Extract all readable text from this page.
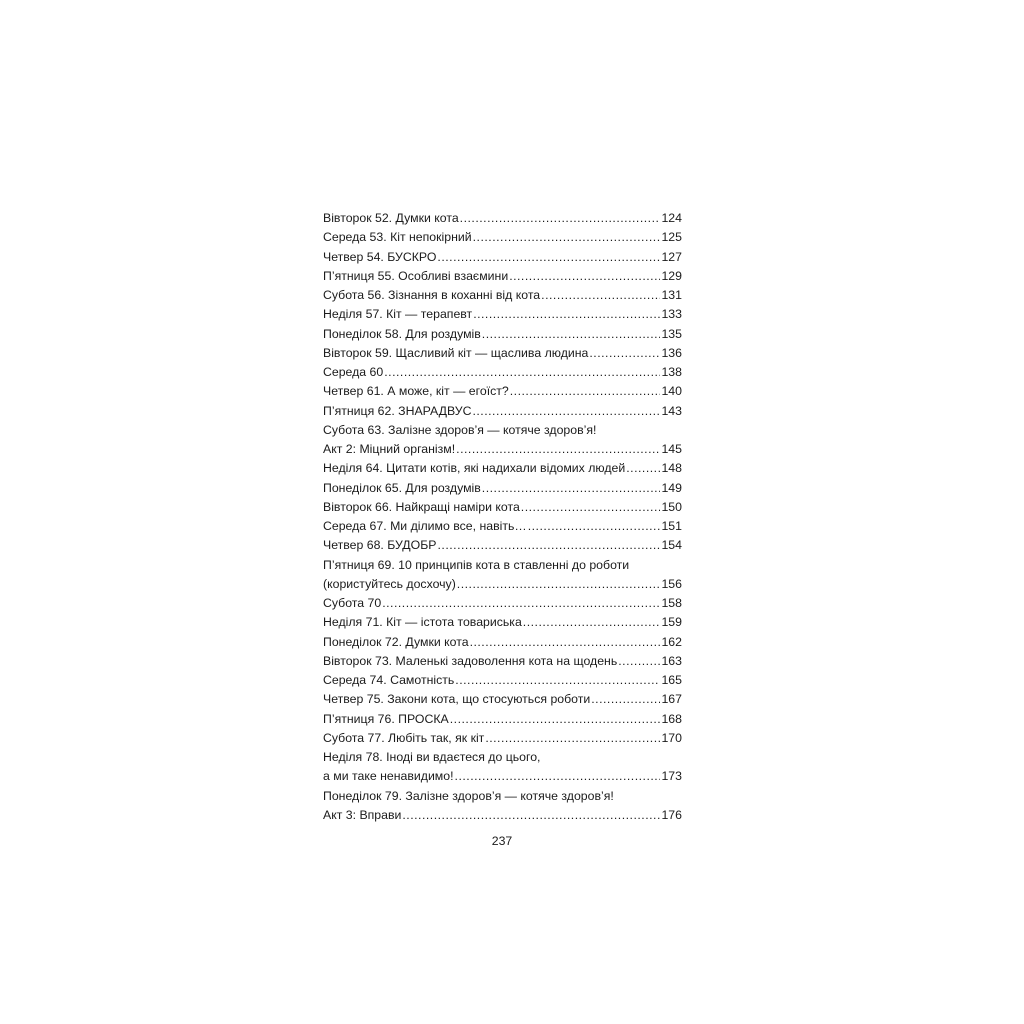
Вівторок 52. Думки кота .....	124
Середа 53. Кіт непокірний .....	125
Четвер 54. БУСКРО .....	127
П’ятниця 55. Особливі взаємини .....	129
Субота 56. Зізнання в коханні від кота .....	131
Неділя 57. Кіт — терапевт .....	133
Понеділок 58. Для роздумів .....	135
Вівторок 59. Щасливий кіт — щаслива людина .....	136
Середа 60 .....	138
Четвер 61. А може, кіт — егоїст? .....	140
П’ятниця 62. ЗНАРАДВУС .....	143
Субота 63. Залізне здоров’я — котяче здоров’я!
Акт 2: Міцний організм! .....	145
Неділя 64. Цитати котів, які надихали відомих людей .....	148
Понеділок 65. Для роздумів .....	149
Вівторок 66. Найкращі наміри кота .....	150
Середа 67. Ми ділимо все, навіть… .....	151
Четвер 68. БУДОБР .....	154
П’ятниця 69. 10 принципів кота в ставленні до роботи
(користуйтесь досхочу) .....	156
Субота 70 .....	158
Неділя 71. Кіт — істота товариська .....	159
Понеділок 72. Думки кота .....	162
Вівторок 73. Маленькі задоволення кота на щодень .....	163
Середа 74. Самотність .....	165
Четвер 75. Закони кота, що стосуються роботи .....	167
П’ятниця 76. ПРОСКА .....	168
Субота 77. Любіть так, як кіт .....	170
Неділя 78. Іноді ви вдаєтеся до цього,
а ми таке ненавидимо! .....	173
Понеділок 79. Залізне здоров’я — котяче здоров’я!
Акт 3: Вправи .....	176
237
